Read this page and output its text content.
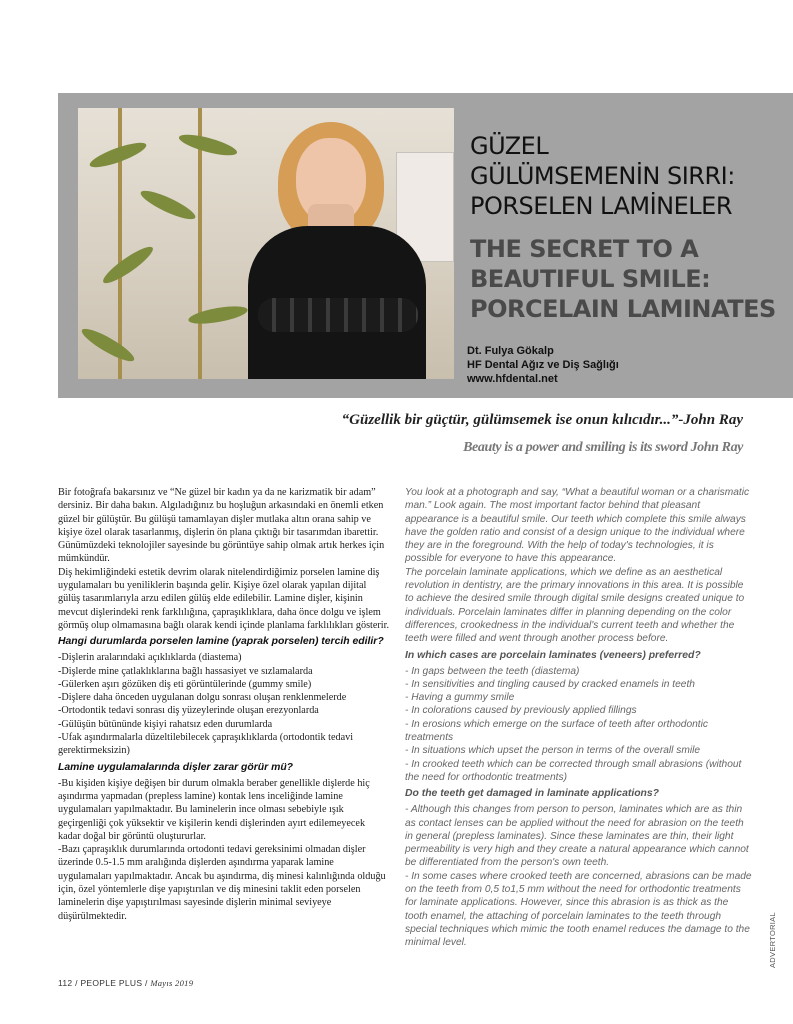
GÜZEL
GÜLÜMSEMENİN SIRRI:
PORSELEN LAMİNELER
THE SECRET TO A
BEAUTIFUL SMILE:
PORCELAIN LAMINATES
Dt. Fulya Gökalp
HF Dental Ağız ve Diş Sağlığı
www.hfdental.net
“Güzellik bir güçtür, gülümsemek ise onun kılıcıdır...”-John Ray
Beauty is a power and smiling is its sword John Ray

Bir fotoğrafa bakarsınız ve “Ne güzel bir kadın ya da ne karizmatik bir adam” dersiniz. Bir daha bakın. Algıladığınız bu hoşluğun arkasındaki en önemli etken güzel bir gülüştür. Bu gülüşü tamamlayan dişler mutlaka altın orana sahip ve kişiye özel olarak tasarlanmış, dişlerin ön plana çıktığı bir tasarımdan ibarettir. Günümüzdeki teknolojiler sayesinde bu görüntüye sahip olmak artık herkes için mümkündür.

Diş hekimliğindeki estetik devrim olarak nitelendirdiğimiz porselen lamine diş uygulamaları bu yeniliklerin başında gelir. Kişiye özel olarak yapılan dijital gülüş tasarımlarıyla arzu edilen gülüş elde edilebilir. Lamine dişler, kişinin mevcut dişlerindeki renk farklılığına, çapraşıklıklara, daha önce dolgu ve işlem görmüş olup olmamasına bağlı olarak kendi içinde planlama farklılıkları gösterir.

Hangi durumlarda porselen lamine (yaprak porselen) tercih edilir?

-Dişlerin aralarındaki açıklıklarda (diastema)

-Dişlerde mine çatlaklıklarına bağlı hassasiyet ve sızlamalarda

-Gülerken aşırı gözüken diş eti görüntülerinde (gummy smile)

-Dişlere daha önceden uygulanan dolgu sonrası oluşan renklenmelerde

-Ortodontik tedavi sonrası diş yüzeylerinde oluşan erezyonlarda

-Gülüşün bütününde kişiyi rahatsız eden durumlarda

-Ufak aşındırmalarla düzeltilebilecek çapraşıklıklarda (ortodontik tedavi gerektirmeksizin)

Lamine uygulamalarında dişler zarar görür mü?

-Bu kişiden kişiye değişen bir durum olmakla beraber genellikle dişlerde hiç aşındırma yapmadan (prepless lamine) kontak lens inceliğinde lamine uygulamaları yapılmaktadır. Bu laminelerin ince olması sebebiyle ışık geçirgenliği çok yüksektir ve kişilerin kendi dişlerinden ayırt edilemeyecek kadar doğal bir görüntü oluştururlar.

-Bazı çapraşıklık durumlarında ortodonti tedavi gereksinimi olmadan dişler üzerinde 0.5-1.5 mm aralığında dişlerden aşındırma yaparak lamine uygulamaları yapılmaktadır. Ancak bu aşındırma, diş minesi kalınlığında olduğu için, özel yöntemlerle dişe yapıştırılan ve diş minesini taklit eden porselen laminelerin dişe yapıştırılması sayesinde dişlerin minimal seviyeye düşürülmektedir.

You look at a photograph and say, “What a beautiful woman or a charismatic man.” Look again. The most important factor behind that pleasant appearance is a beautiful smile. Our teeth which complete this smile always have the golden ratio and consist of a design unique to the individual where they are in the foreground. With the help of today's technologies, it is possible for everyone to have this appearance.

The porcelain laminate applications, which we define as an aesthetical revolution in dentistry, are the primary innovations in this area. It is possible to achieve the desired smile through digital smile designs created unique to individuals. Porcelain laminates differ in planning depending on the color differences, crookedness in the individual's current teeth and whether the teeth were filled and went through another process before.

In which cases are porcelain laminates (veneers) preferred?

- In gaps between the teeth (diastema)

- In sensitivities and tingling caused by cracked enamels in teeth

- Having a gummy smile

- In colorations caused by previously applied fillings

- In erosions which emerge on the surface of teeth after orthodontic treatments

- In situations which upset the person in terms of the overall smile

- In crooked teeth which can be corrected through small abrasions (without the need for orthodontic treatments)

Do the teeth get damaged in laminate applications?

- Although this changes from person to person, laminates which are as thin as contact lenses can be applied without the need for abrasion on the teeth in general (prepless laminates). Since these laminates are thin, their light permeability is very high and they create a natural appearance which cannot be differentiated from the person's own teeth.

- In some cases where crooked teeth are concerned, abrasions can be made on the teeth from 0,5 to1,5 mm without the need for orthodontic treatments for laminate applications. However, since this abrasion is as thick as the tooth enamel, the attaching of porcelain laminates to the teeth through special techniques which mimic the tooth enamel reduces the damage to the minimal level.	ADVERTORIAL
112 / PEOPLE PLUS / Mayıs 2019
